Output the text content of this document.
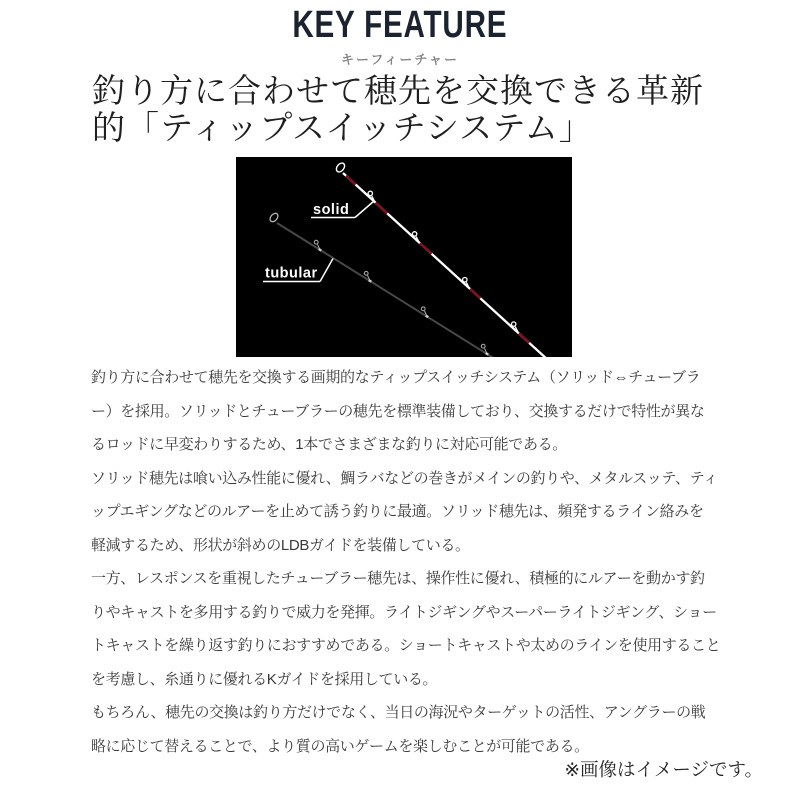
KEY FEATURE
キーフィーチャー
釣り方に合わせて穂先を交換できる革新
的「ティップスイッチシステム」
solid
tubular
釣り方に合わせて穂先を交換する画期的なティップスイッチシステム（ソリッド⇔チューブラ
ー）を採用。ソリッドとチューブラーの穂先を標準装備しており、交換するだけで特性が異な
るロッドに早変わりするため、1本でさまざまな釣りに対応可能である。
ソリッド穂先は喰い込み性能に優れ、鯛ラバなどの巻きがメインの釣りや、メタルスッテ、ティ
ップエギングなどのルアーを止めて誘う釣りに最適。ソリッド穂先は、頻発するライン絡みを
軽減するため、形状が斜めのLDBガイドを装備している。
一方、レスポンスを重視したチューブラー穂先は、操作性に優れ、積極的にルアーを動かす釣
りやキャストを多用する釣りで威力を発揮。ライトジギングやスーパーライトジギング、ショー
トキャストを繰り返す釣りにおすすめである。ショートキャストや太めのラインを使用すること
を考慮し、糸通りに優れるKガイドを採用している。
もちろん、穂先の交換は釣り方だけでなく、当日の海況やターゲットの活性、アングラーの戦
略に応じて替えることで、より質の高いゲームを楽しむことが可能である。
※画像はイメージです。
